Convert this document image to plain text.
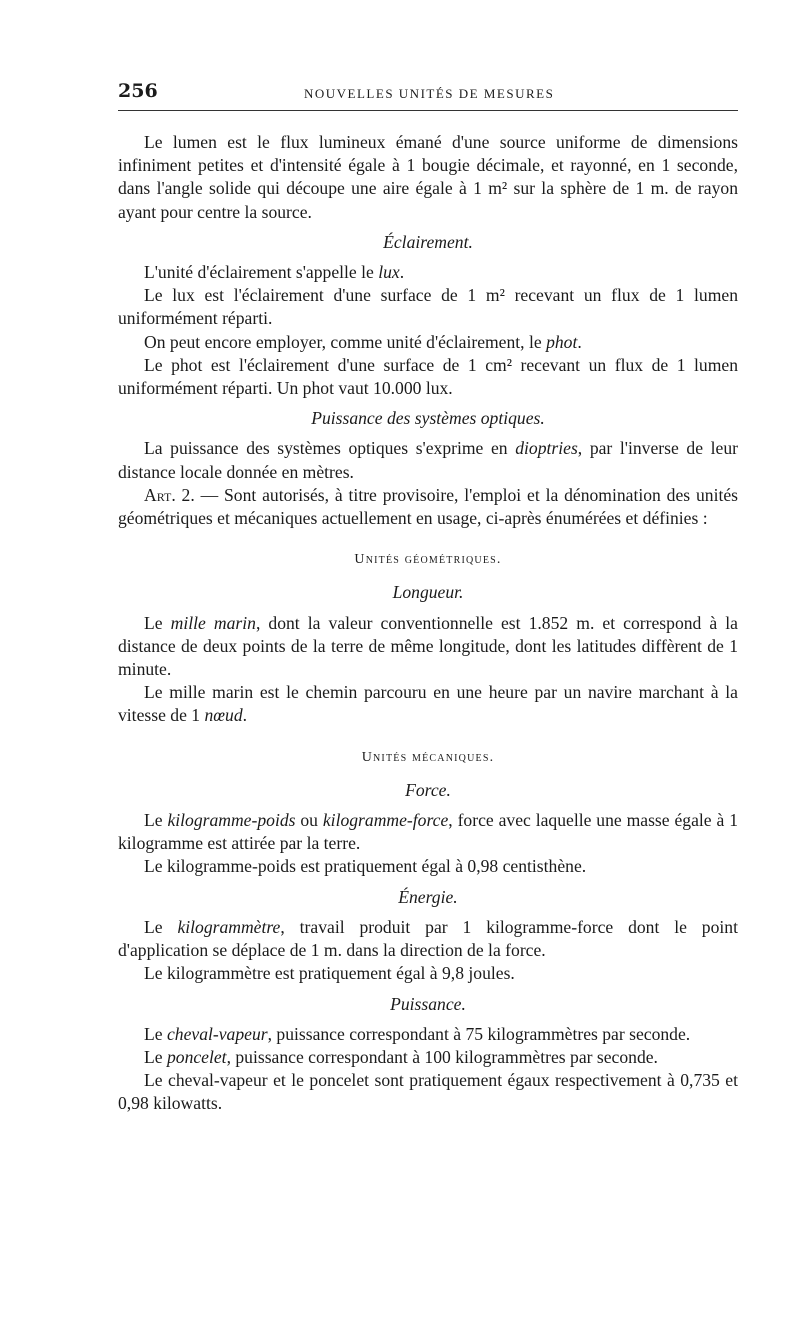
256	NOUVELLES UNITÉS DE MESURES

Le lumen est le flux lumineux émané d'une source uniforme de dimensions infiniment petites et d'intensité égale à 1 bougie décimale, et rayonné, en 1 seconde, dans l'angle solide qui découpe une aire égale à 1 m² sur la sphère de 1 m. de rayon ayant pour centre la source.

Éclairement.

L'unité d'éclairement s'appelle le lux.

Le lux est l'éclairement d'une surface de 1 m² recevant un flux de 1 lumen uniformément réparti.

On peut encore employer, comme unité d'éclairement, le phot.

Le phot est l'éclairement d'une surface de 1 cm² recevant un flux de 1 lumen uniformément réparti. Un phot vaut 10.000 lux.

Puissance des systèmes optiques.

La puissance des systèmes optiques s'exprime en dioptries, par l'inverse de leur distance locale donnée en mètres.

Art. 2. — Sont autorisés, à titre provisoire, l'emploi et la dénomination des unités géométriques et mécaniques actuellement en usage, ci-après énumérées et définies :

Unités géométriques.

Longueur.

Le mille marin, dont la valeur conventionnelle est 1.852 m. et correspond à la distance de deux points de la terre de même longitude, dont les latitudes diffèrent de 1 minute.

Le mille marin est le chemin parcouru en une heure par un navire marchant à la vitesse de 1 nœud.

Unités mécaniques.

Force.

Le kilogramme-poids ou kilogramme-force, force avec laquelle une masse égale à 1 kilogramme est attirée par la terre.

Le kilogramme-poids est pratiquement égal à 0,98 centisthène.

Énergie.

Le kilogrammètre, travail produit par 1 kilogramme-force dont le point d'application se déplace de 1 m. dans la direction de la force.

Le kilogrammètre est pratiquement égal à 9,8 joules.

Puissance.

Le cheval-vapeur, puissance correspondant à 75 kilogrammètres par seconde.

Le poncelet, puissance correspondant à 100 kilogrammètres par seconde.

Le cheval-vapeur et le poncelet sont pratiquement égaux respectivement à 0,735 et 0,98 kilowatts.
